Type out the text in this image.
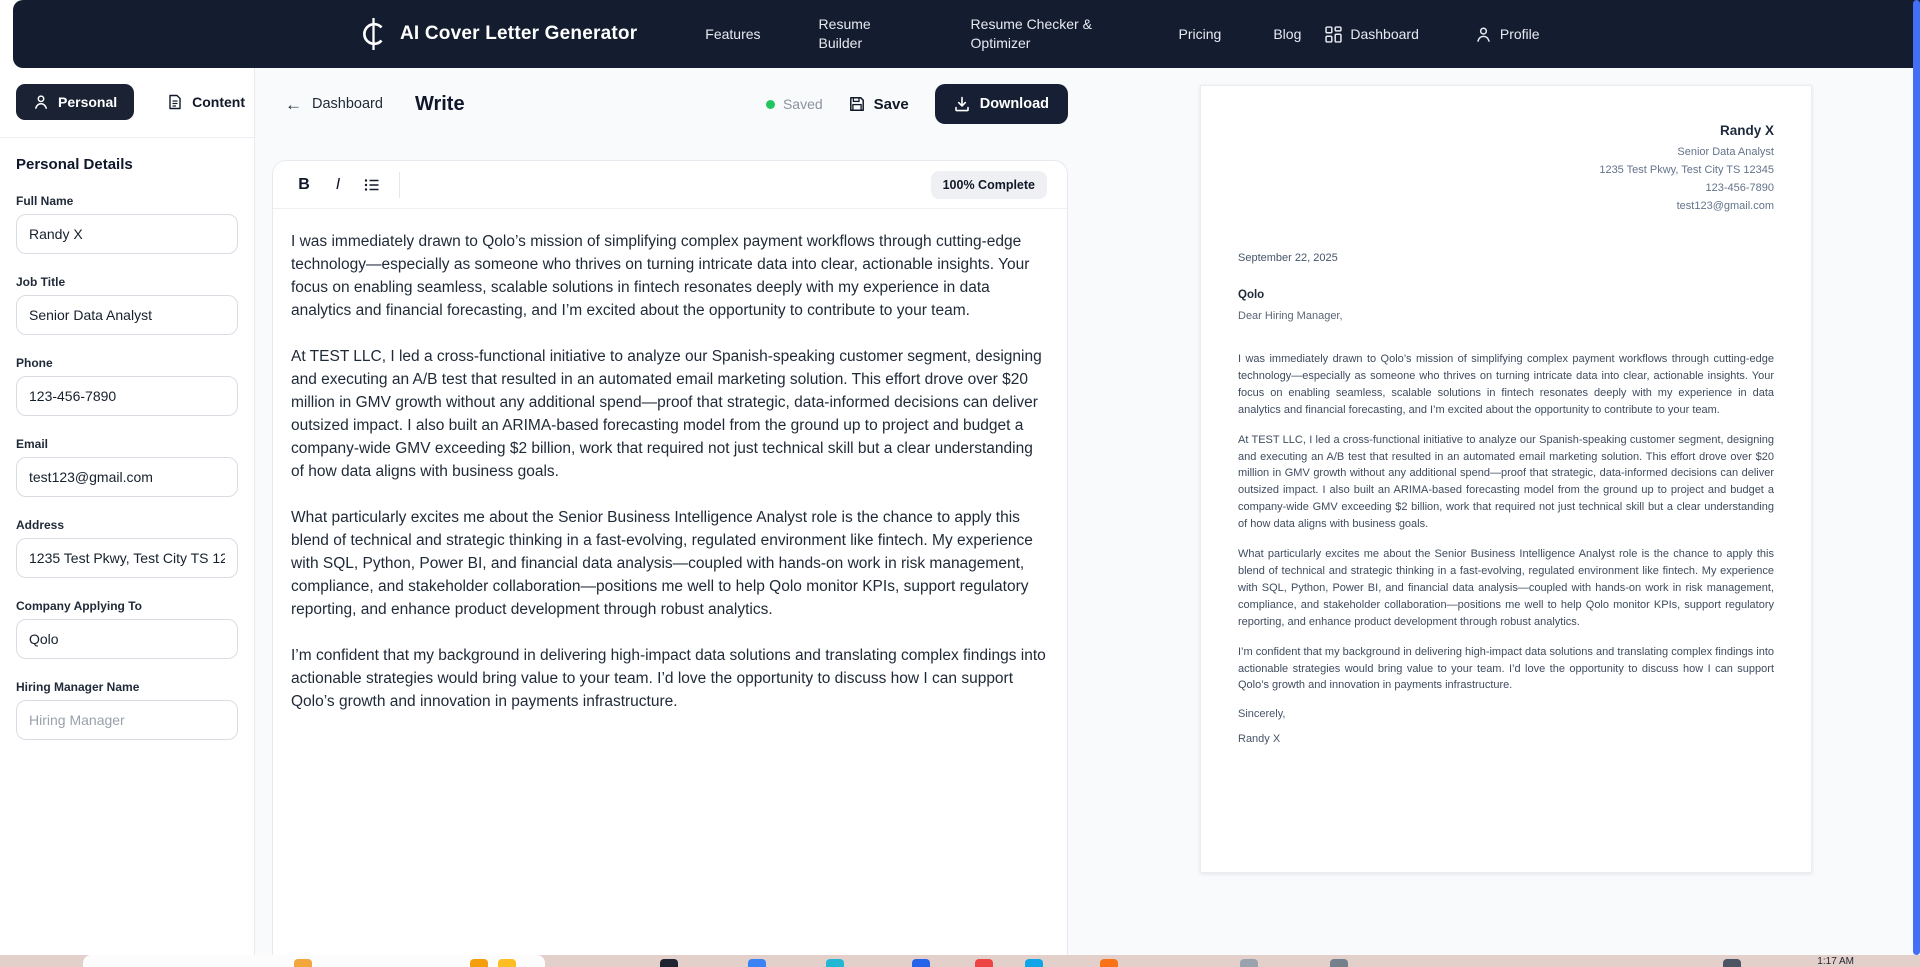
AI Cover Letter Generator	Features
Resume Builder
Resume Checker & Optimizer
Pricing	Blog	Dashboard	Profile
Personal	Content
Personal Details
Full Name
Randy X
Job Title
Senior Data Analyst
Phone
123-456-7890
Email
test123@gmail.com
Address
1235 Test Pkwy, Test City TS 12345
Company Applying To
Qolo
Hiring Manager Name
Hiring Manager
← Dashboard Write	Saved	Save	Download
B	I	100% Complete

I was immediately drawn to Qolo’s mission of simplifying complex payment workflows through cutting-edge technology—especially as someone who thrives on turning intricate data into clear, actionable insights. Your focus on enabling seamless, scalable solutions in fintech resonates deeply with my experience in data analytics and financial forecasting, and I’m excited about the opportunity to contribute to your team.

At TEST LLC, I led a cross-functional initiative to analyze our Spanish-speaking customer segment, designing and executing an A/B test that resulted in an automated email marketing solution. This effort drove over $20 million in GMV growth without any additional spend—proof that strategic, data-informed decisions can deliver outsized impact. I also built an ARIMA-based forecasting model from the ground up to project and budget a company-wide GMV exceeding $2 billion, work that required not just technical skill but a clear understanding of how data aligns with business goals.

What particularly excites me about the Senior Business Intelligence Analyst role is the chance to apply this blend of technical and strategic thinking in a fast-evolving, regulated environment like fintech. My experience with SQL, Python, Power BI, and financial data analysis—coupled with hands-on work in risk management, compliance, and stakeholder collaboration—positions me well to help Qolo monitor KPIs, support regulatory reporting, and enhance product development through robust analytics.

I’m confident that my background in delivering high-impact data solutions and translating complex findings into actionable strategies would bring value to your team. I’d love the opportunity to discuss how I can support Qolo’s growth and innovation in payments infrastructure.

Randy X
Senior Data Analyst
1235 Test Pkwy, Test City TS 12345
123-456-7890
test123@gmail.com
September 22, 2025
Qolo
Dear Hiring Manager,

I was immediately drawn to Qolo’s mission of simplifying complex payment workflows through cutting-edge technology—especially as someone who thrives on turning intricate data into clear, actionable insights. Your focus on enabling seamless, scalable solutions in fintech resonates deeply with my experience in data analytics and financial forecasting, and I’m excited about the opportunity to contribute to your team.

At TEST LLC, I led a cross-functional initiative to analyze our Spanish-speaking customer segment, designing and executing an A/B test that resulted in an automated email marketing solution. This effort drove over $20 million in GMV growth without any additional spend—proof that strategic, data-informed decisions can deliver outsized impact. I also built an ARIMA-based forecasting model from the ground up to project and budget a company-wide GMV exceeding $2 billion, work that required not just technical skill but a clear understanding of how data aligns with business goals.

What particularly excites me about the Senior Business Intelligence Analyst role is the chance to apply this blend of technical and strategic thinking in a fast-evolving, regulated environment like fintech. My experience with SQL, Python, Power BI, and financial data analysis—coupled with hands-on work in risk management, compliance, and stakeholder collaboration—positions me well to help Qolo monitor KPIs, support regulatory reporting, and enhance product development through robust analytics.

I’m confident that my background in delivering high-impact data solutions and translating complex findings into actionable strategies would bring value to your team. I’d love the opportunity to discuss how I can support Qolo’s growth and innovation in payments infrastructure.

Sincerely,
Randy X
1:17 AM
